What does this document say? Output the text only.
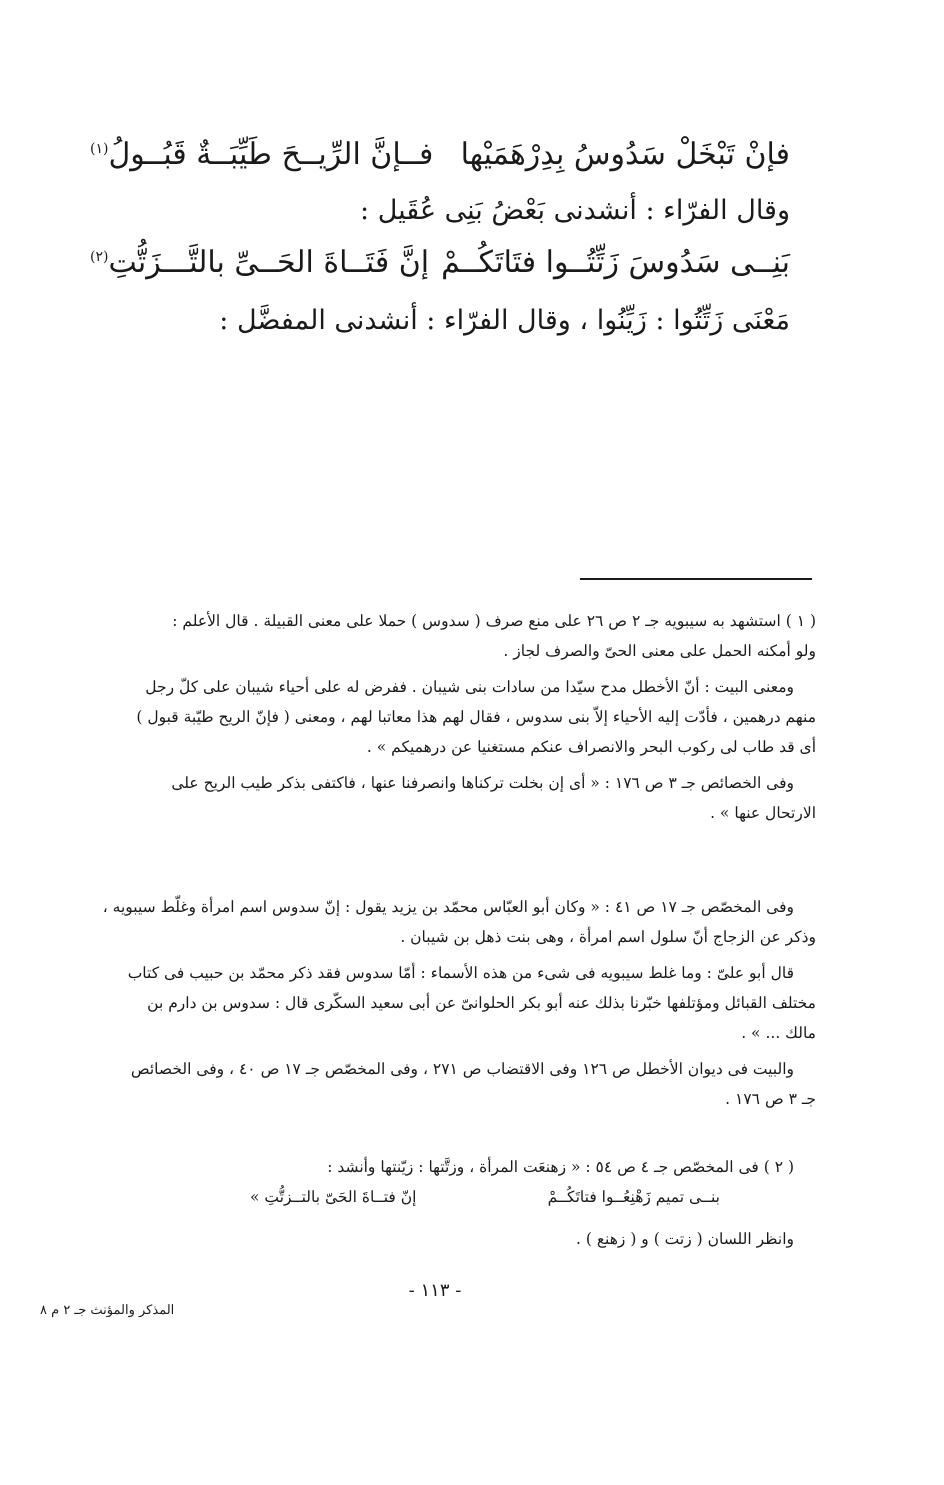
فإنْ تَبْخَلْ سَدُوسُ بِدِرْهَمَيْها
فــإنَّ الرِّيــحَ طَيِّبَــةٌ قَبُــولُ$^{(١)}$
وقال الفرّاء : أنشدنى بَعْضُ بَنِى عُقَيل :
بَنِــى سَدُوسَ زَتِّتُــوا فتَاتَكُــمْ
إنَّ فَتَــاةَ الحَــىِّ بالتَّـــزَتُّتِ$^{(٢)}$
مَعْنَى زَتِّتُوا : زَيِّنُوا ، وقال الفرّاء : أنشدنى المفضَّل :

( ١ ) استشهد به سيبويه جـ ٢ ص ٢٦ على منع صرف ( سدوس ) حملا على معنى القبيلة . قال الأعلم :

ولو أمكنه الحمل على معنى الحىّ والصرف لجاز .

ومعنى البيت : أنّ الأخطل مدح سيّدا من سادات بنى شيبان . ففرض له على أحياء شيبان على كلّ رجل

منهم درهمين ، فأدّت إليه الأحياء إلاّ بنى سدوس ، فقال لهم هذا معاتبا لهم ، ومعنى ( فإنّ الريح طيّبة قبول )

أى قد طاب لى ركوب البحر والانصراف عنكم مستغنيا عن درهميكم » .

وفى الخصائص جـ ٣ ص ١٧٦ : « أى إن بخلت تركناها وانصرفنا عنها ، فاكتفى بذكر طيب الريح على

الارتحال عنها » .

وفى المخصّص جـ ١٧ ص ٤١ : « وكان أبو العبّاس محمّد بن يزيد يقول : إنّ سدوس اسم امرأة وغلّط سيبويه ،

وذكر عن الزجاج أنّ سلول اسم امرأة ، وهى بنت ذهل بن شيبان .

قال أبو علىّ : وما غلط سيبويه فى شىء من هذه الأسماء : أمّا سدوس فقد ذكر محمّد بن حبيب فى كتاب

مختلف القبائل ومؤتلفها خبّرنا بذلك عنه أبو بكر الحلوانىّ عن أبى سعيد السكّرى قال : سدوس بن دارم بن

مالك ... » .

والبيت فى ديوان الأخطل ص ١٢٦ وفى الاقتضاب ص ٢٧١ ، وفى المخصّص جـ ١٧ ص ٤٠ ، وفى الخصائص

جـ ٣ ص ١٧٦ .

( ٢ ) فى المخصّص جـ ٤ ص ٥٤ : « زهنعَت المرأة ، وزتَّتها : زيّنتها وأنشد :

بنــى تميم زَهْنِعُــوا فتاتَكُــمْ
إنّ فتــاةَ الحَىّ بالتــزتُّتِ »

وانظر اللسان ( زتت ) و ( زهنع ) .

- ١١٣ -
المذكر والمؤنث جـ ٢ م ٨
